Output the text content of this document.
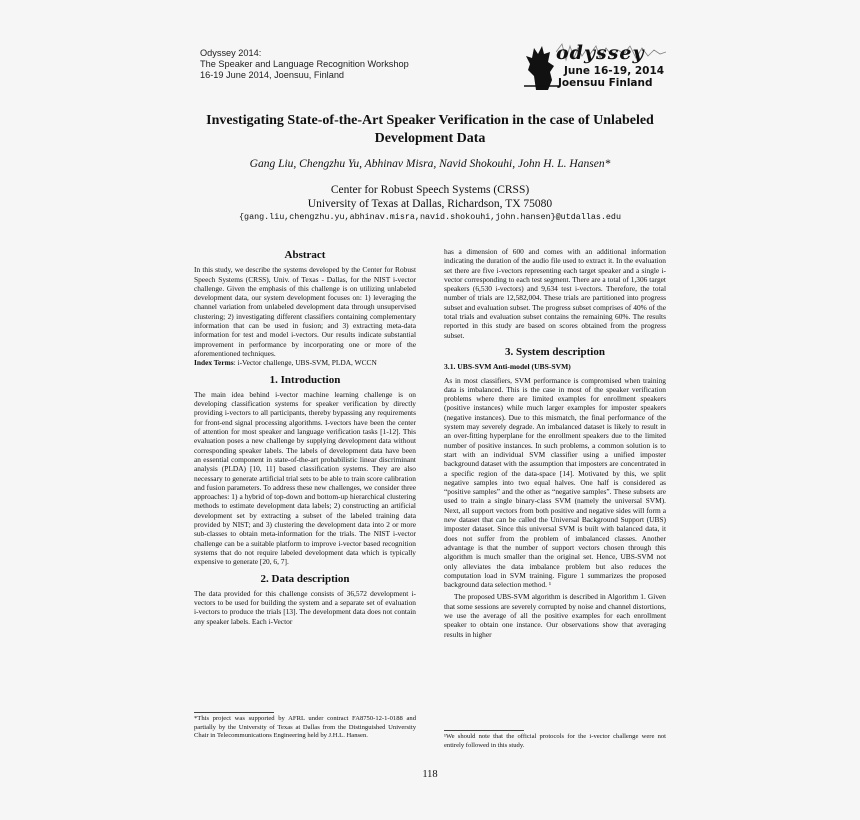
Odyssey 2014:
The Speaker and Language Recognition Workshop
16-19 June 2014, Joensuu, Finland
odyssey
June 16-19, 2014
Joensuu Finland
Investigating State-of-the-Art Speaker Verification in the case of Unlabeled Development Data
Gang Liu, Chengzhu Yu, Abhinav Misra, Navid Shokouhi, John H. L. Hansen*
Center for Robust Speech Systems (CRSS)
University of Texas at Dallas, Richardson, TX 75080
{gang.liu,chengzhu.yu,abhinav.misra,navid.shokouhi,john.hansen}@utdallas.edu
Abstract

In this study, we describe the systems developed by the Center for Robust Speech Systems (CRSS), Univ. of Texas - Dallas, for the NIST i-vector challenge. Given the emphasis of this challenge is on utilizing unlabeled development data, our system development focuses on: 1) leveraging the channel variation from unlabeled development data through unsupervised clustering; 2) investigating different classifiers containing complementary information that can be used in fusion; and 3) extracting meta-data information for test and model i-vectors. Our results indicate substantial improvement in performance by incorporating one or more of the aforementioned techniques.

Index Terms: i-Vector challenge, UBS-SVM, PLDA, WCCN

1. Introduction

The main idea behind i-vector machine learning challenge is on developing classification systems for speaker verification by directly providing i-vectors to all participants, thereby bypassing any requirements for front-end signal processing algorithms. I-vectors have been the center of attention for most speaker and language verification tasks [1-12]. This evaluation poses a new challenge by supplying development data without corresponding speaker labels. The labels of development data have been an essential component in state-of-the-art probabilistic linear discriminant analysis (PLDA) [10, 11] based classification systems. They are also necessary to generate artificial trial sets to be able to train score calibration and fusion parameters. To address these new challenges, we consider three approaches: 1) a hybrid of top-down and bottom-up hierarchical clustering methods to estimate development data labels; 2) constructing an artificial development set by extracting a subset of the labeled training data provided by NIST; and 3) clustering the development data into 2 or more sub-classes to obtain meta-information for the trials. The NIST i-vector challenge can be a suitable platform to improve i-vector based recognition systems that do not require labeled development data which is typically expensive to generate [20, 6, 7].

2. Data description

The data provided for this challenge consists of 36,572 development i-vectors to be used for building the system and a separate set of evaluation i-vectors to produce the trials [13]. The development data does not contain any speaker labels. Each i-Vector

*This project was supported by AFRL under contract FA8750-12-1-0188 and partially by the University of Texas at Dallas from the Distinguished University Chair in Telecommunications Engineering held by J.H.L. Hansen.

has a dimension of 600 and comes with an additional information indicating the duration of the audio file used to extract it. In the evaluation set there are five i-vectors representing each target speaker and a single i-vector corresponding to each test segment. There are a total of 1,306 target speakers (6,530 i-vectors) and 9,634 test i-vectors. Therefore, the total number of trials are 12,582,004. These trials are partitioned into progress subset and evaluation subset. The progress subset comprises of 40% of the total trials and evaluation subset contains the remaining 60%. The results reported in this study are based on scores obtained from the progress subset.

3. System description
3.1. UBS-SVM Anti-model (UBS-SVM)

As in most classifiers, SVM performance is compromised when training data is imbalanced. This is the case in most of the speaker verification problems where there are limited examples for enrollment speakers (positive instances) while much larger examples for imposter speakers (negative instances). Due to this mismatch, the final performance of the system may severely degrade. An imbalanced dataset is likely to result in an over-fitting hyperplane for the enrollment speakers due to the limited number of positive instances. In such problems, a common solution is to start with an individual SVM classifier using a unified imposter background dataset with the assumption that imposters are concentrated in a specific region of the data-space [14]. Motivated by this, we split negative samples into two equal halves. One half is considered as “positive samples” and the other as “negative samples”. These subsets are used to train a single binary-class SVM (namely the universal SVM). Next, all support vectors from both positive and negative sides will form a new dataset that can be called the Universal Background Support (UBS) imposter dataset. Since this universal SVM is built with balanced data, it does not suffer from the problem of imbalanced classes. Another advantage is that the number of support vectors chosen through this algorithm is much smaller than the original set. Hence, UBS-SVM not only alleviates the data imbalance problem but also reduces the computation load in SVM training. Figure 1 summarizes the proposed background data selection method. ¹

The proposed UBS-SVM algorithm is described in Algorithm 1. Given that some sessions are severely corrupted by noise and channel distortions, we use the average of all the positive examples for each enrollment speaker to obtain one instance. Our observations show that averaging results in higher

¹We should note that the official protocols for the i-vector challenge were not entirely followed in this study.
118
